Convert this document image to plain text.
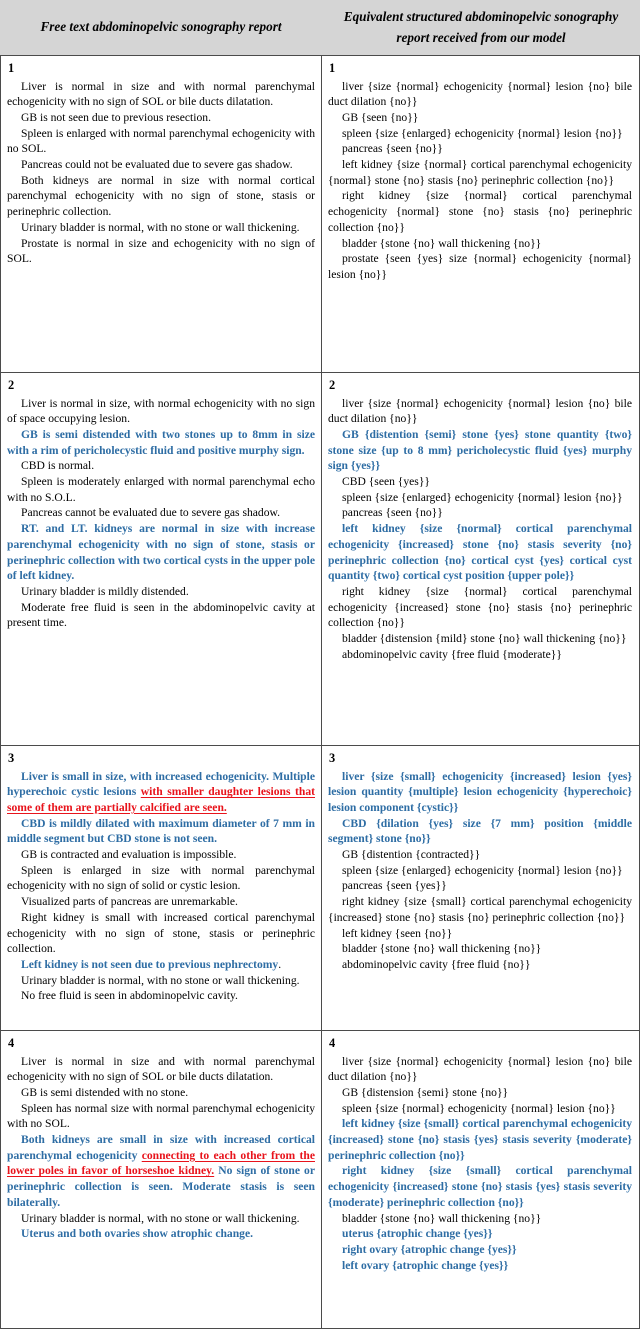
Free text abdominopelvic sonography report
Equivalent structured abdominopelvic sonography report received from our model
1

Liver is normal in size and with normal parenchymal echogenicity with no sign of SOL or bile ducts dilatation.

GB is not seen due to previous resection.

Spleen is enlarged with normal parenchymal echogenicity with no SOL.

Pancreas could not be evaluated due to severe gas shadow.

Both kidneys are normal in size with normal cortical parenchymal echogenicity with no sign of stone, stasis or perinephric collection.

Urinary bladder is normal, with no stone or wall thickening.

Prostate is normal in size and echogenicity with no sign of SOL.

1

liver {size {normal} echogenicity {normal} lesion {no} bile duct dilation {no}}

GB {seen {no}}

spleen {size {enlarged} echogenicity {normal} lesion {no}}

pancreas {seen {no}}

left kidney {size {normal} cortical parenchymal echogenicity {normal} stone {no} stasis {no} perinephric collection {no}}

right kidney {size {normal} cortical parenchymal echogenicity {normal} stone {no} stasis {no} perinephric collection {no}}

bladder {stone {no} wall thickening {no}}

prostate {seen {yes} size {normal} echogenicity {normal} lesion {no}}

2

Liver is normal in size, with normal echogenicity with no sign of space occupying lesion.

GB is semi distended with two stones up to 8mm in size with a rim of pericholecystic fluid and positive murphy sign.

CBD is normal.

Spleen is moderately enlarged with normal parenchymal echo with no S.O.L.

Pancreas cannot be evaluated due to severe gas shadow.

RT. and LT. kidneys are normal in size with increase parenchymal echogenicity with no sign of stone, stasis or perinephric collection with two cortical cysts in the upper pole of left kidney.

Urinary bladder is mildly distended.

Moderate free fluid is seen in the abdominopelvic cavity at present time.

2

liver {size {normal} echogenicity {normal} lesion {no} bile duct dilation {no}}

GB {distention {semi} stone {yes} stone quantity {two} stone size {up to 8 mm} pericholecystic fluid {yes} murphy sign {yes}}

CBD {seen {yes}}

spleen {size {enlarged} echogenicity {normal} lesion {no}}

pancreas {seen {no}}

left kidney {size {normal} cortical parenchymal echogenicity {increased} stone {no} stasis severity {no} perinephric collection {no} cortical cyst {yes} cortical cyst quantity {two} cortical cyst position {upper pole}}

right kidney {size {normal} cortical parenchymal echogenicity {increased} stone {no} stasis {no} perinephric collection {no}}

bladder {distension {mild} stone {no} wall thickening {no}}

abdominopelvic cavity {free fluid {moderate}}

3

Liver is small in size, with increased echogenicity. Multiple hyperechoic cystic lesions with smaller daughter lesions that some of them are partially calcified are seen.

CBD is mildly dilated with maximum diameter of 7 mm in middle segment but CBD stone is not seen.

GB is contracted and evaluation is impossible.

Spleen is enlarged in size with normal parenchymal echogenicity with no sign of solid or cystic lesion.

Visualized parts of pancreas are unremarkable.

Right kidney is small with increased cortical parenchymal echogenicity with no sign of stone, stasis or perinephric collection.

Left kidney is not seen due to previous nephrectomy.

Urinary bladder is normal, with no stone or wall thickening.

No free fluid is seen in abdominopelvic cavity.

3

liver {size {small} echogenicity {increased} lesion {yes} lesion quantity {multiple} lesion echogenicity {hyperechoic} lesion component {cystic}}

CBD {dilation {yes} size {7 mm} position {middle segment} stone {no}}

GB {distention {contracted}}

spleen {size {enlarged} echogenicity {normal} lesion {no}}

pancreas {seen {yes}}

right kidney {size {small} cortical parenchymal echogenicity {increased} stone {no} stasis {no} perinephric collection {no}}

left kidney {seen {no}}

bladder {stone {no} wall thickening {no}}

abdominopelvic cavity {free fluid {no}}

4

Liver is normal in size and with normal parenchymal echogenicity with no sign of SOL or bile ducts dilatation.

GB is semi distended with no stone.

Spleen has normal size with normal parenchymal echogenicity with no SOL.

Both kidneys are small in size with increased cortical parenchymal echogenicity connecting to each other from the lower poles in favor of horseshoe kidney. No sign of stone or perinephric collection is seen. Moderate stasis is seen bilaterally.

Urinary bladder is normal, with no stone or wall thickening.

Uterus and both ovaries show atrophic change.

4

liver {size {normal} echogenicity {normal} lesion {no} bile duct dilation {no}}

GB {distension {semi} stone {no}}

spleen {size {normal} echogenicity {normal} lesion {no}}

left kidney {size {small} cortical parenchymal echogenicity {increased} stone {no} stasis {yes} stasis severity {moderate} perinephric collection {no}}

right kidney {size {small} cortical parenchymal echogenicity {increased} stone {no} stasis {yes} stasis severity {moderate} perinephric collection {no}}

bladder {stone {no} wall thickening {no}}

uterus {atrophic change {yes}}

right ovary {atrophic change {yes}}

left ovary {atrophic change {yes}}
